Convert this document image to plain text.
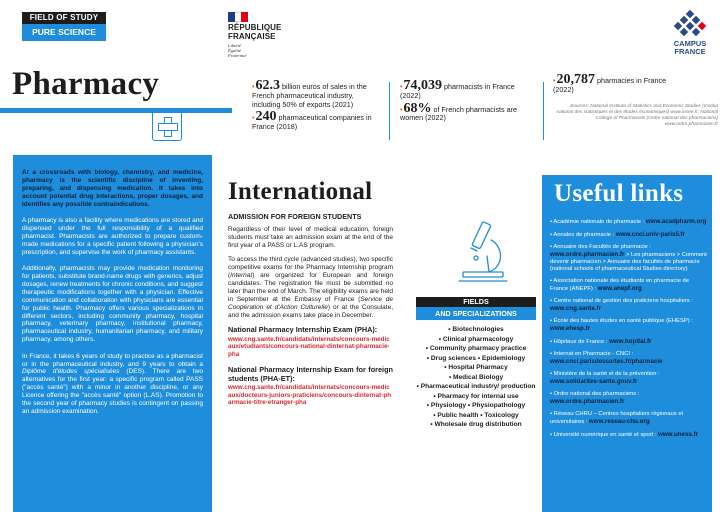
FIELD OF STUDY
PURE SCIENCE
Pharmacy
RÉPUBLIQUE
FRANÇAISE
Liberté
Égalité
Fraternité
CAMPUS
FRANCE
•62.3 billion euros of sales in the French pharmaceutical industry, including 50% of exports (2021)
•240 pharmaceutical companies in France (2018)
•74,039 pharmacists in France (2022)
•68% of French pharmacists are women (2022)
•20,787 pharmacies in France (2022)
Sources: National Institute of Statistics and Economic Studies (Institut national des statistiques et des études économiques) www.insee.fr; National College of Pharmacists (Ordre national des pharmaciens) www.ordre.pharmacien.fr

At a crossroads with biology, chemistry, and medicine, pharmacy is the scientific discipline of inventing, preparing, and dispensing medication. It takes into account potential drug interactions, proper dosages, and identifies any possible contraindications.

A pharmacy is also a facility where medications are stored and dispensed under the full responsibility of a qualified pharmacist. Pharmacists are authorized to prepare custom-made medications for a specific patient following a physician's prescription, and supervise the work of pharmacy assistants.

Additionally, pharmacists may provide medication monitoring for patients, substitute brand-name drugs with generics, adjust dosages, renew treatments for chronic conditions, and suggest therapeutic modifications together with a physician. Effective communication and collaboration with physicians are essential for public health. Pharmacy offers various specializations in different sectors, including community pharmacy, hospital pharmacy, veterinary pharmacy, institutional pharmacy, pharmaceutical industry, humanitarian pharmacy, and military pharmacy, among others.

In France, it takes 6 years of study to practice as a pharmacist or in the pharmaceutical industry, and 9 years to obtain a Diplôme d'études spécialisées (DES). There are two alternatives for the first year: a specific program called PASS ("accès santé") with a minor in another discipline, or any Licence offering the "accès santé" option (L.AS). Promotion to the second year of pharmacy studies is contingent on passing an admission examination.

International
ADMISSION FOR FOREIGN STUDENTS

Regardless of their level of medical education, foreign students must take an admission exam at the end of the first year of a PASS or L.AS program.

To access the third cycle (advanced studies), two specific competitive exams for the Pharmacy Internship program (Internat) are organized for European and foreign candidates. The registration file must be submitted no later than the end of March. The eligibility exams are held in September at the Embassy of France (Service de Coopération et d'Action Culturelle) or at the Consulate, and the admission exams take place in December.

National Pharmacy Internship Exam (PHA):
www.cng.sante.fr/candidats/internats/concours-medicaux/etudiants/concours-national-dinternat-pharmacie-pha
National Pharmacy Internship Exam for foreign students (PHA-ET):
www.cng.sante.fr/candidats/internats/concours-medicaux/docteurs-juniors-praticiens/concours-dinternat-pharmacie-titre-etranger-pha
FIELDS
AND SPECIALIZATIONS
• Biotechnologies
• Clinical pharmacology
• Community pharmacy practice
• Drug sciences • Epidemiology
• Hospital Pharmacy
• Medical Biology
• Pharmaceutical industry/ production
• Pharmacy for internal use
• Physiology • Physiopathology
• Public health • Toxicology
• Wholesale drug distribution
Useful links
• Académie nationale de pharmacie : www.acadpharm.org
• Annales de pharmacie : www.cnci.univ-paris5.fr
• Annuaire des Facultés de pharmacie : www.ordre.pharmacien.fr > Les pharmaciens > Comment devenir pharmacien > Annuaire des facultés de pharmacie (national schools of pharmaceutical Studies directory)
• Association nationale des étudiants en pharmacie de France (ANEPF) : www.anepf.org
• Centre national de gestion des praticiens hospitaliers : www.cng.sante.fr
• École des hautes études en santé publique (EHESP) : www.ehesp.fr
• Hôpitaux de France : www.hopital.fr
• Internat en Pharmacie - CNCI : www.cnci.parisdescartes.fr/pharmacie
• Ministère de la santé et de la prévention : www.solidarites-sante.gouv.fr
• Ordre national des pharmaciens : www.ordre.pharmacien.fr
• Réseau CHRU – Centres hospitaliers régionaux et universitaires : www.reseau-chu.org
• Université numérique en santé et sport : www.uness.fr
